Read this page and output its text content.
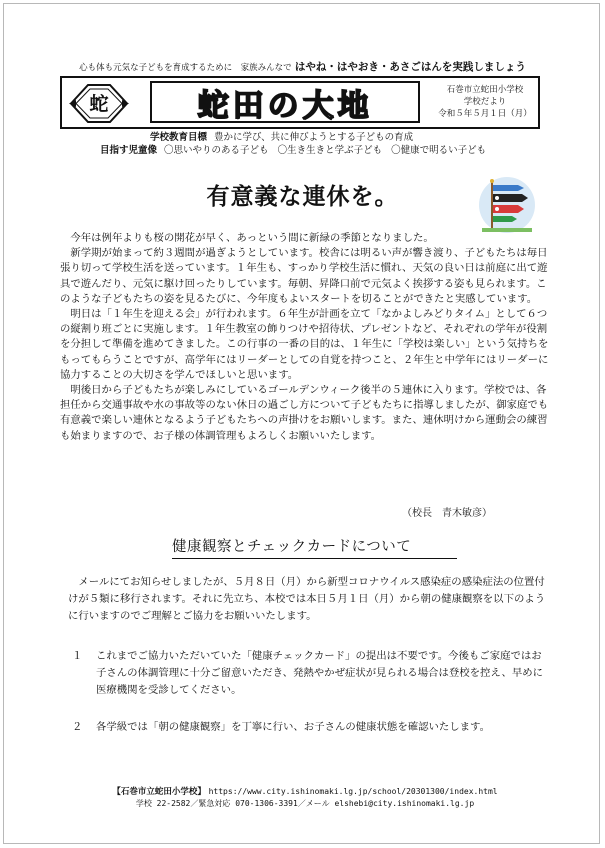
心も体も元気な子どもを育成するために　家族みんなで はやね・はやおき・あさごはんを実践しましょう
蛇	蛇田の大地	石巻市立蛇田小学校
学校だより
令和５年５月１日（月）
学校教育目標 豊かに学び、共に伸びようとする子どもの育成
目指す児童像 〇思いやりのある子ども 〇生き生きと学ぶ子ども 〇健康で明るい子ども
有意義な連休を。

今年は例年よりも桜の開花が早く、あっという間に新緑の季節となりました。

新学期が始まって約３週間が過ぎようとしています。校舎には明るい声が響き渡り、子どもたちは毎日張り切って学校生活を送っています。１年生も、すっかり学校生活に慣れ、天気の良い日は前庭に出て遊具で遊んだり、元気に駆け回ったりしています。毎朝、昇降口前で元気よく挨拶する姿も見られます。このような子どもたちの姿を見るたびに、今年度もよいスタートを切ることができたと実感しています。

明日は「１年生を迎える会」が行われます。６年生が計画を立て「なかよしみどりタイム」として６つの縦割り班ごとに実施します。１年生教室の飾りつけや招待状、プレゼントなど、それぞれの学年が役割を分担して準備を進めてきました。この行事の一番の目的は、１年生に「学校は楽しい」という気持ちをもってもらうことですが、高学年にはリーダーとしての自覚を持つこと、２年生と中学年にはリーダーに協力することの大切さを学んでほしいと思います。

明後日から子どもたちが楽しみにしているゴールデンウィーク後半の５連休に入ります。学校では、各担任から交通事故や水の事故等のない休日の過ごし方について子どもたちに指導しましたが、御家庭でも有意義で楽しい連休となるよう子どもたちへの声掛けをお願いします。また、連休明けから運動会の練習も始まりますので、お子様の体調管理もよろしくお願いいたします。

（校長　青木敏彦）
健康観察とチェックカードについて

メールにてお知らせしましたが、５月８日（月）から新型コロナウイルス感染症の感染症法の位置付けが５類に移行されます。それに先立ち、本校では本日５月１日（月）から朝の健康観察を以下のように行いますのでご理解とご協力をお願いいたします。

１	これまでご協力いただいていた「健康チェックカード」の提出は不要です。今後もご家庭ではお子さんの体調管理に十分ご留意いただき、発熱やかぜ症状が見られる場合は登校を控え、早めに医療機関を受診してください。
２	各学級では「朝の健康観察」を丁寧に行い、お子さんの健康状態を確認いたします。
【石巻市立蛇田小学校】 https://www.city.ishinomaki.lg.jp/school/20301300/index.html
学校 22-2582／緊急対応 070-1306-3391／メール elshebi@city.ishinomaki.lg.jp
